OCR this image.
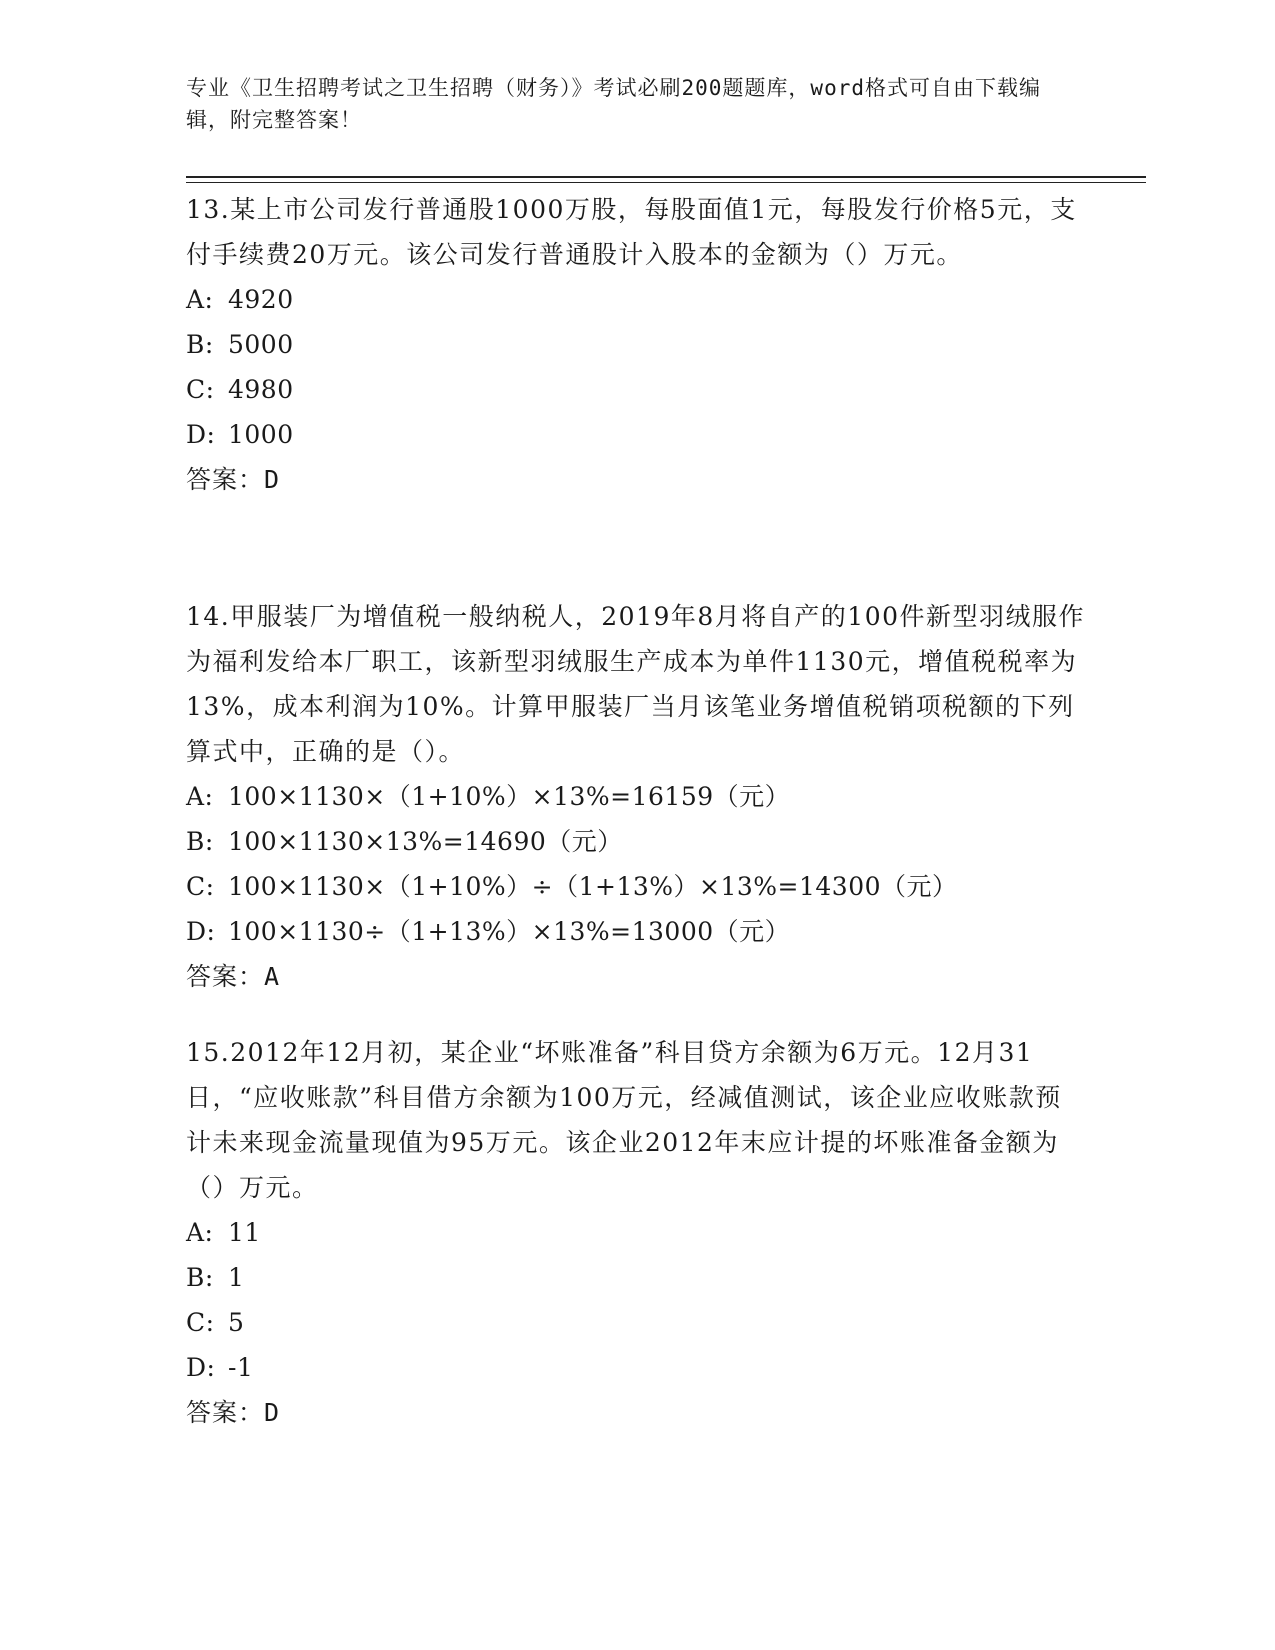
专业《卫生招聘考试之卫生招聘（财务）》考试必刷200题题库，word格式可自由下载编辑，附完整答案！
13.某上市公司发行普通股1000万股，每股面值1元，每股发行价格5元，支付手续费20万元。该公司发行普通股计入股本的金额为（）万元。
A: 4920
B: 5000
C: 4980
D: 1000
答案：D
14.甲服装厂为增值税一般纳税人，2019年8月将自产的100件新型羽绒服作为福利发给本厂职工，该新型羽绒服生产成本为单件1130元，增值税税率为13%，成本利润为10%。计算甲服装厂当月该笔业务增值税销项税额的下列算式中，正确的是（）。
A: 100×1130×（1+10%）×13%=16159（元）
B: 100×1130×13%=14690（元）
C: 100×1130×（1+10%）÷（1+13%）×13%=14300（元）
D: 100×1130÷（1+13%）×13%=13000（元）
答案：A
15.2012年12月初，某企业“坏账准备”科目贷方余额为6万元。12月31日，“应收账款”科目借方余额为100万元，经减值测试，该企业应收账款预计未来现金流量现值为95万元。该企业2012年末应计提的坏账准备金额为（）万元。
A: 11
B: 1
C: 5
D: -1
答案：D
